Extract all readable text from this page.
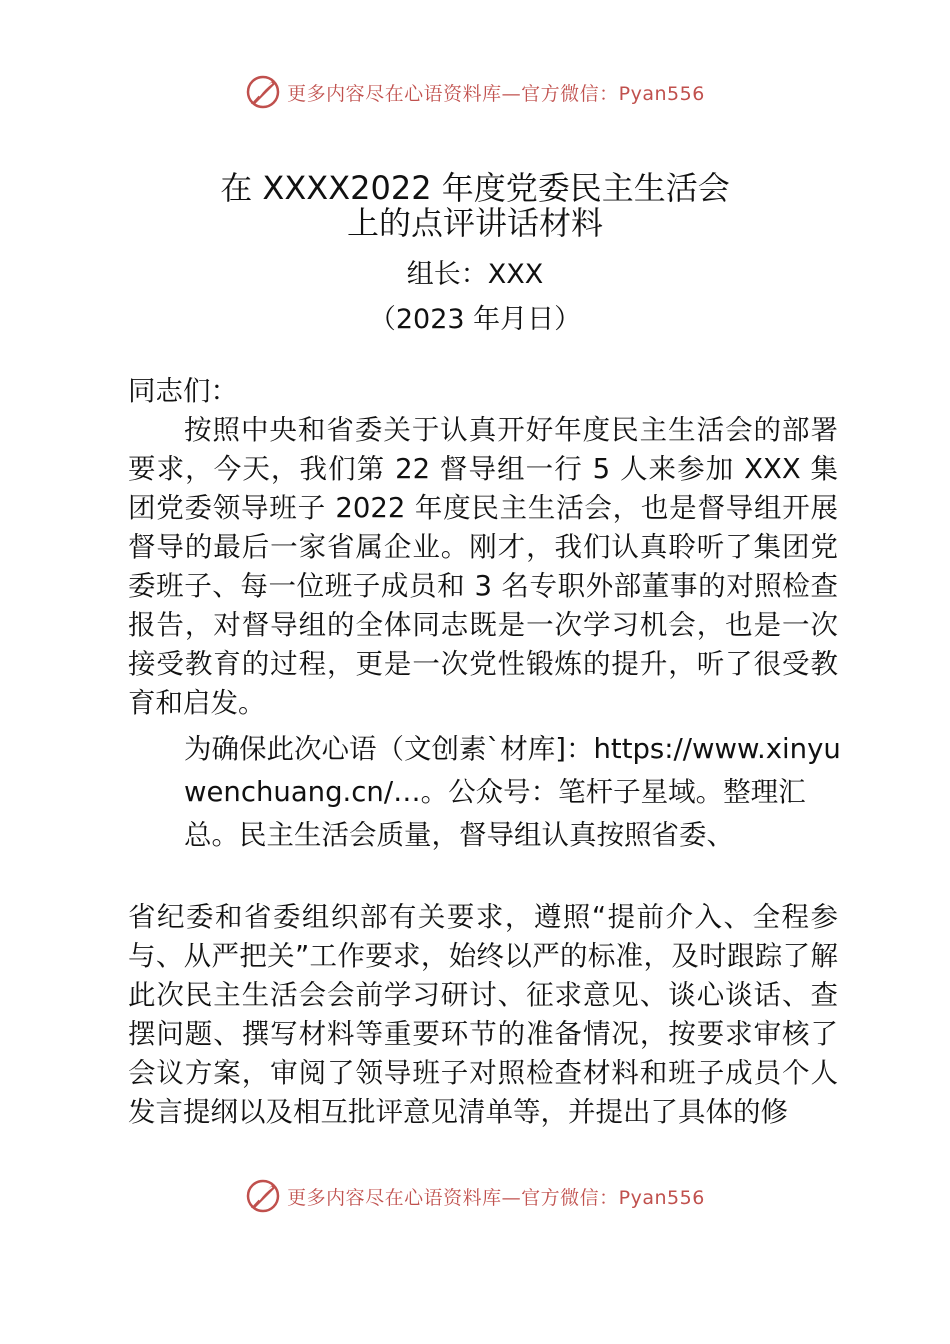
更多内容尽在心语资料库—官方微信：Pyan556
在 XXXX2022 年度党委民主生活会
上的点评讲话材料
组长：XXX
（2023 年月日）
同志们：
按照中央和省委关于认真开好年度民主生活会的部署要求，今天，我们第 22 督导组一行 5 人来参加 XXX 集团党委领导班子 2022 年度民主生活会，也是督导组开展督导的最后一家省属企业。刚才，我们认真聆听了集团党委班子、每一位班子成员和 3 名专职外部董事的对照检查报告，对督导组的全体同志既是一次学习机会，也是一次接受教育的过程，更是一次党性锻炼的提升，听了很受教育和启发。
为确保此次心语（文创素`材库]：https://www.xinyuwenchuang.cn/…。公众号：笔杆子星域。整理汇总。民主生活会质量，督导组认真按照省委、
省纪委和省委组织部有关要求，遵照“提前介入、全程参与、从严把关”工作要求，始终以严的标准，及时跟踪了解此次民主生活会会前学习研讨、征求意见、谈心谈话、查摆问题、撰写材料等重要环节的准备情况，按要求审核了会议方案，审阅了领导班子对照检查材料和班子成员个人发言提纲以及相互批评意见清单等，并提出了具体的修
更多内容尽在心语资料库—官方微信：Pyan556
